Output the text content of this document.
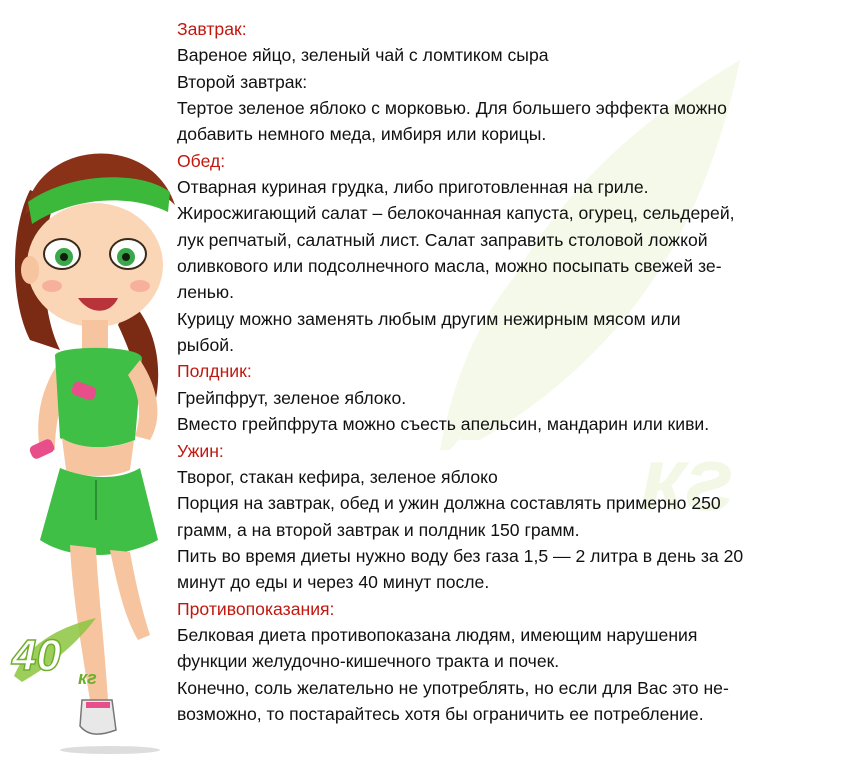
кг
40 кг
Завтрак:
Вареное яйцо, зеленый чай с ломтиком сыра
Второй завтрак:
Тертое зеленое яблоко с морковью. Для большего эффекта можно
добавить немного меда, имбиря или корицы.
Обед:
Отварная куриная грудка, либо приготовленная на гриле.
Жиросжигающий салат – белокочанная капуста, огурец, сельдерей,
лук репчатый, салатный лист. Салат заправить столовой ложкой
оливкового или подсолнечного масла, можно посыпать свежей зе-
ленью.
Курицу можно заменять любым другим нежирным мясом или
рыбой.
Полдник:
Грейпфрут, зеленое яблоко.
Вместо грейпфрута можно съесть апельсин, мандарин или киви.
Ужин:
Творог, стакан кефира, зеленое яблоко
Порция на завтрак, обед и ужин должна составлять примерно 250
грамм, а на второй завтрак и полдник 150 грамм.
Пить во время диеты нужно воду без газа 1,5 — 2 литра в день за 20
минут до еды и через 40 минут после.
Противопоказания:
Белковая диета противопоказана людям, имеющим нарушения
функции желудочно-кишечного тракта и почек.
Конечно, соль желательно не употреблять, но если для Вас это не-
возможно, то постарайтесь хотя бы ограничить ее потребление.
